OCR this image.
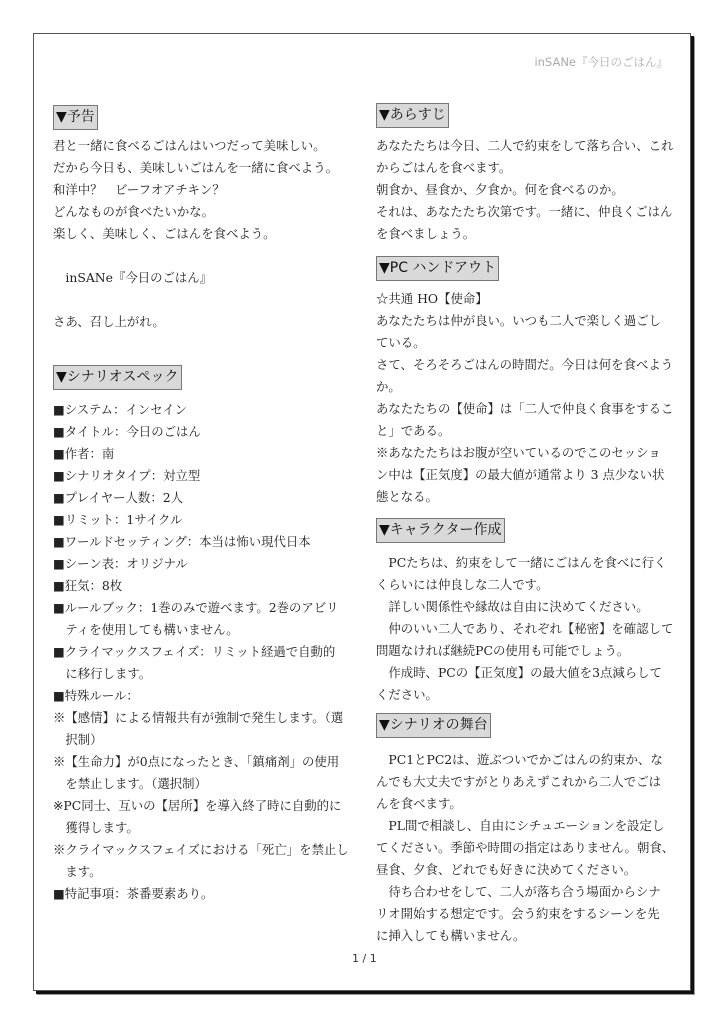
inSANe『今日のごはん』
▼予告
君と一緒に食べるごはんはいつだって美味しい。
だから今日も、美味しいごはんを一緒に食べよう。
和洋中？　ビーフオアチキン？
どんなものが食べたいかな。
楽しく、美味しく、ごはんを食べよう。
　inSANe『今日のごはん』
さあ、召し上がれ。
▼シナリオスペック
■システム：インセイン
■タイトル：今日のごはん
■作者：南
■シナリオタイプ：対立型
■プレイヤー人数：2人
■リミット：1サイクル
■ワールドセッティング：本当は怖い現代日本
■シーン表：オリジナル
■狂気：8枚
■ルールブック：1巻のみで遊べます。2巻のアビリ
　ティを使用しても構いません。
■クライマックスフェイズ：リミット経過で自動的
　に移行します。
■特殊ルール：
※【感情】による情報共有が強制で発生します。（選
　択制）
※【生命力】が0点になったとき、「鎮痛剤」の使用
　を禁止します。（選択制）
※PC同士、互いの【居所】を導入終了時に自動的に
　獲得します。
※クライマックスフェイズにおける「死亡」を禁止し
　ます。
■特記事項：茶番要素あり。
▼あらすじ
あなたたちは今日、二人で約束をして落ち合い、これ
からごはんを食べます。
朝食か、昼食か、夕食か。何を食べるのか。
それは、あなたたち次第です。一緒に、仲良くごはん
を食べましょう。
▼PC ハンドアウト
☆共通 HO【使命】
あなたたちは仲が良い。いつも二人で楽しく過ごし
ている。
さて、そろそろごはんの時間だ。今日は何を食べよう
か。
あなたたちの【使命】は「二人で仲良く食事をするこ
と」である。
※あなたたちはお腹が空いているのでこのセッショ
ン中は【正気度】の最大値が通常より 3 点少ない状
態となる。
▼キャラクター作成
　PCたちは、約束をして一緒にごはんを食べに行く
くらいには仲良しな二人です。
　詳しい関係性や縁故は自由に決めてください。
　仲のいい二人であり、それぞれ【秘密】を確認して
問題なければ継続PCの使用も可能でしょう。
　作成時、PCの【正気度】の最大値を3点減らして
ください。
▼シナリオの舞台
　PC1とPC2は、遊ぶついでかごはんの約束か、な
んでも大丈夫ですがとりあえずこれから二人でごは
んを食べます。
　PL間で相談し、自由にシチュエーションを設定し
てください。季節や時間の指定はありません。朝食、
昼食、夕食、どれでも好きに決めてください。
　待ち合わせをして、二人が落ち合う場面からシナ
リオ開始する想定です。会う約束をするシーンを先
に挿入しても構いません。
1 / 1
